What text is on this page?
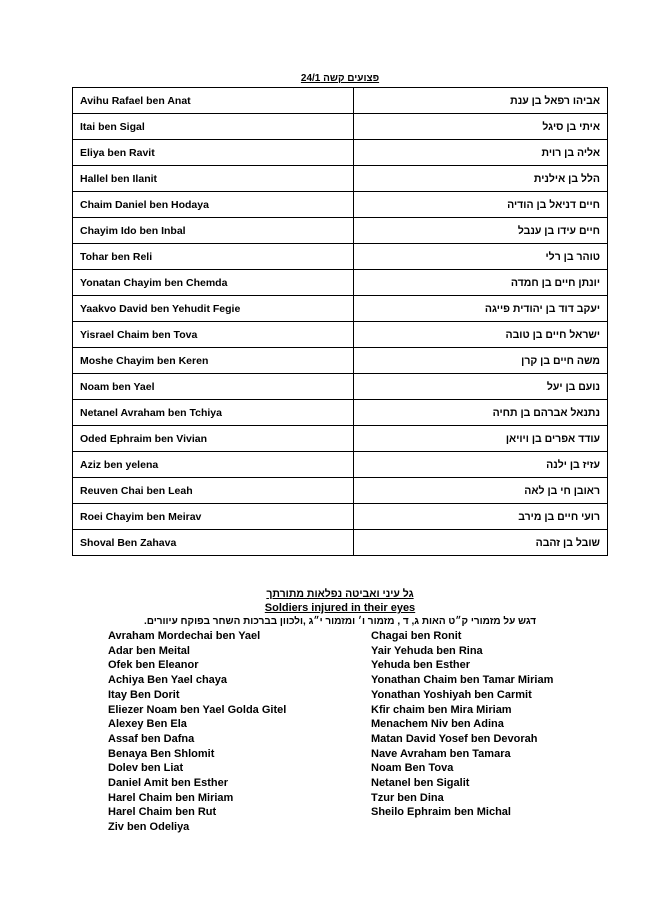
פצועים קשה 24/1
Avihu Rafael ben Anat	אביהו רפאל בן ענת
Itai ben Sigal	איתי בן סיגל
Eliya ben Ravit	אליה בן רוית
Hallel ben Ilanit	הלל בן אילנית
Chaim Daniel ben Hodaya	חיים דניאל בן הודיה
Chayim Ido ben Inbal	חיים עידו בן ענבל
Tohar ben Reli	טוהר בן רלי
Yonatan Chayim ben Chemda	יונתן חיים בן חמדה
Yaakvo David ben Yehudit Fegie	יעקב דוד בן יהודית פייגה
Yisrael Chaim ben Tova	ישראל חיים בן טובה
Moshe Chayim ben Keren	משה חיים בן קרן
Noam ben Yael	נועם בן יעל
Netanel Avraham ben Tchiya	נתנאל אברהם בן תחיה
Oded Ephraim ben Vivian	עודד אפרים בן ויויאן
Aziz ben yelena	עזיז בן ילנה
Reuven Chai ben Leah	ראובן חי בן לאה
Roei Chayim ben Meirav	רועי חיים בן מירב
Shoval Ben Zahava	שובל בן זהבה
גל עיני ואביטה נפלאות מתורתך
Soldiers injured in their eyes
דגש על מזמורי ק״ט האות ג, ד , מזמור ו׳ ומזמור י״ג ,ולכוון בברכות השחר בפוקח עיוורים.
Avraham Mordechai ben Yael
Adar ben Meital
Ofek ben Eleanor
Achiya Ben Yael chaya
Itay Ben Dorit
Eliezer Noam ben Yael Golda Gitel
Alexey Ben Ela
Assaf ben Dafna
Benaya Ben Shlomit
Dolev ben Liat
Daniel Amit ben Esther
Harel Chaim ben Miriam
Harel Chaim ben Rut
Ziv ben Odeliya
Chagai ben Ronit
Yair Yehuda ben Rina
Yehuda ben Esther
Yonathan Chaim ben Tamar Miriam
Yonathan Yoshiyah ben Carmit
Kfir chaim ben Mira Miriam
Menachem Niv ben Adina
Matan David Yosef ben Devorah
Nave Avraham ben Tamara
Noam Ben Tova
Netanel ben Sigalit
Tzur ben Dina
Sheilo Ephraim ben Michal
